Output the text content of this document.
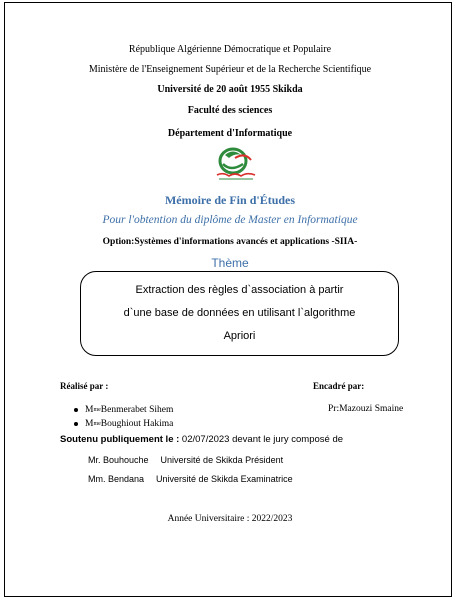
République Algérienne Démocratique et Populaire
Ministère de l'Enseignement Supérieur et de la Recherche Scientifique
Université de 20 août 1955 Skikda
Faculté des sciences
Département d'Informatique
Mémoire de Fin d'Études
Pour l'obtention du diplôme de Master en Informatique
Option:Systèmes d'informations avancés et applications -SIIA-
Thème
Extraction des règles d`association à partir
d`une base de données en utilisant l`algorithme
Apriori
Réalisé par :	Encadré par:
M me Benmerabet Sihem
M me Boughiout Hakima
Pr:Mazouzi Smaine
Soutenu publiquement le : 02/07/2023 devant le jury composé de
Mr. Bouhouche Université de Skikda Président
Mm. Bendana Université de Skikda Examinatrice
Année Universitaire : 2022/2023
